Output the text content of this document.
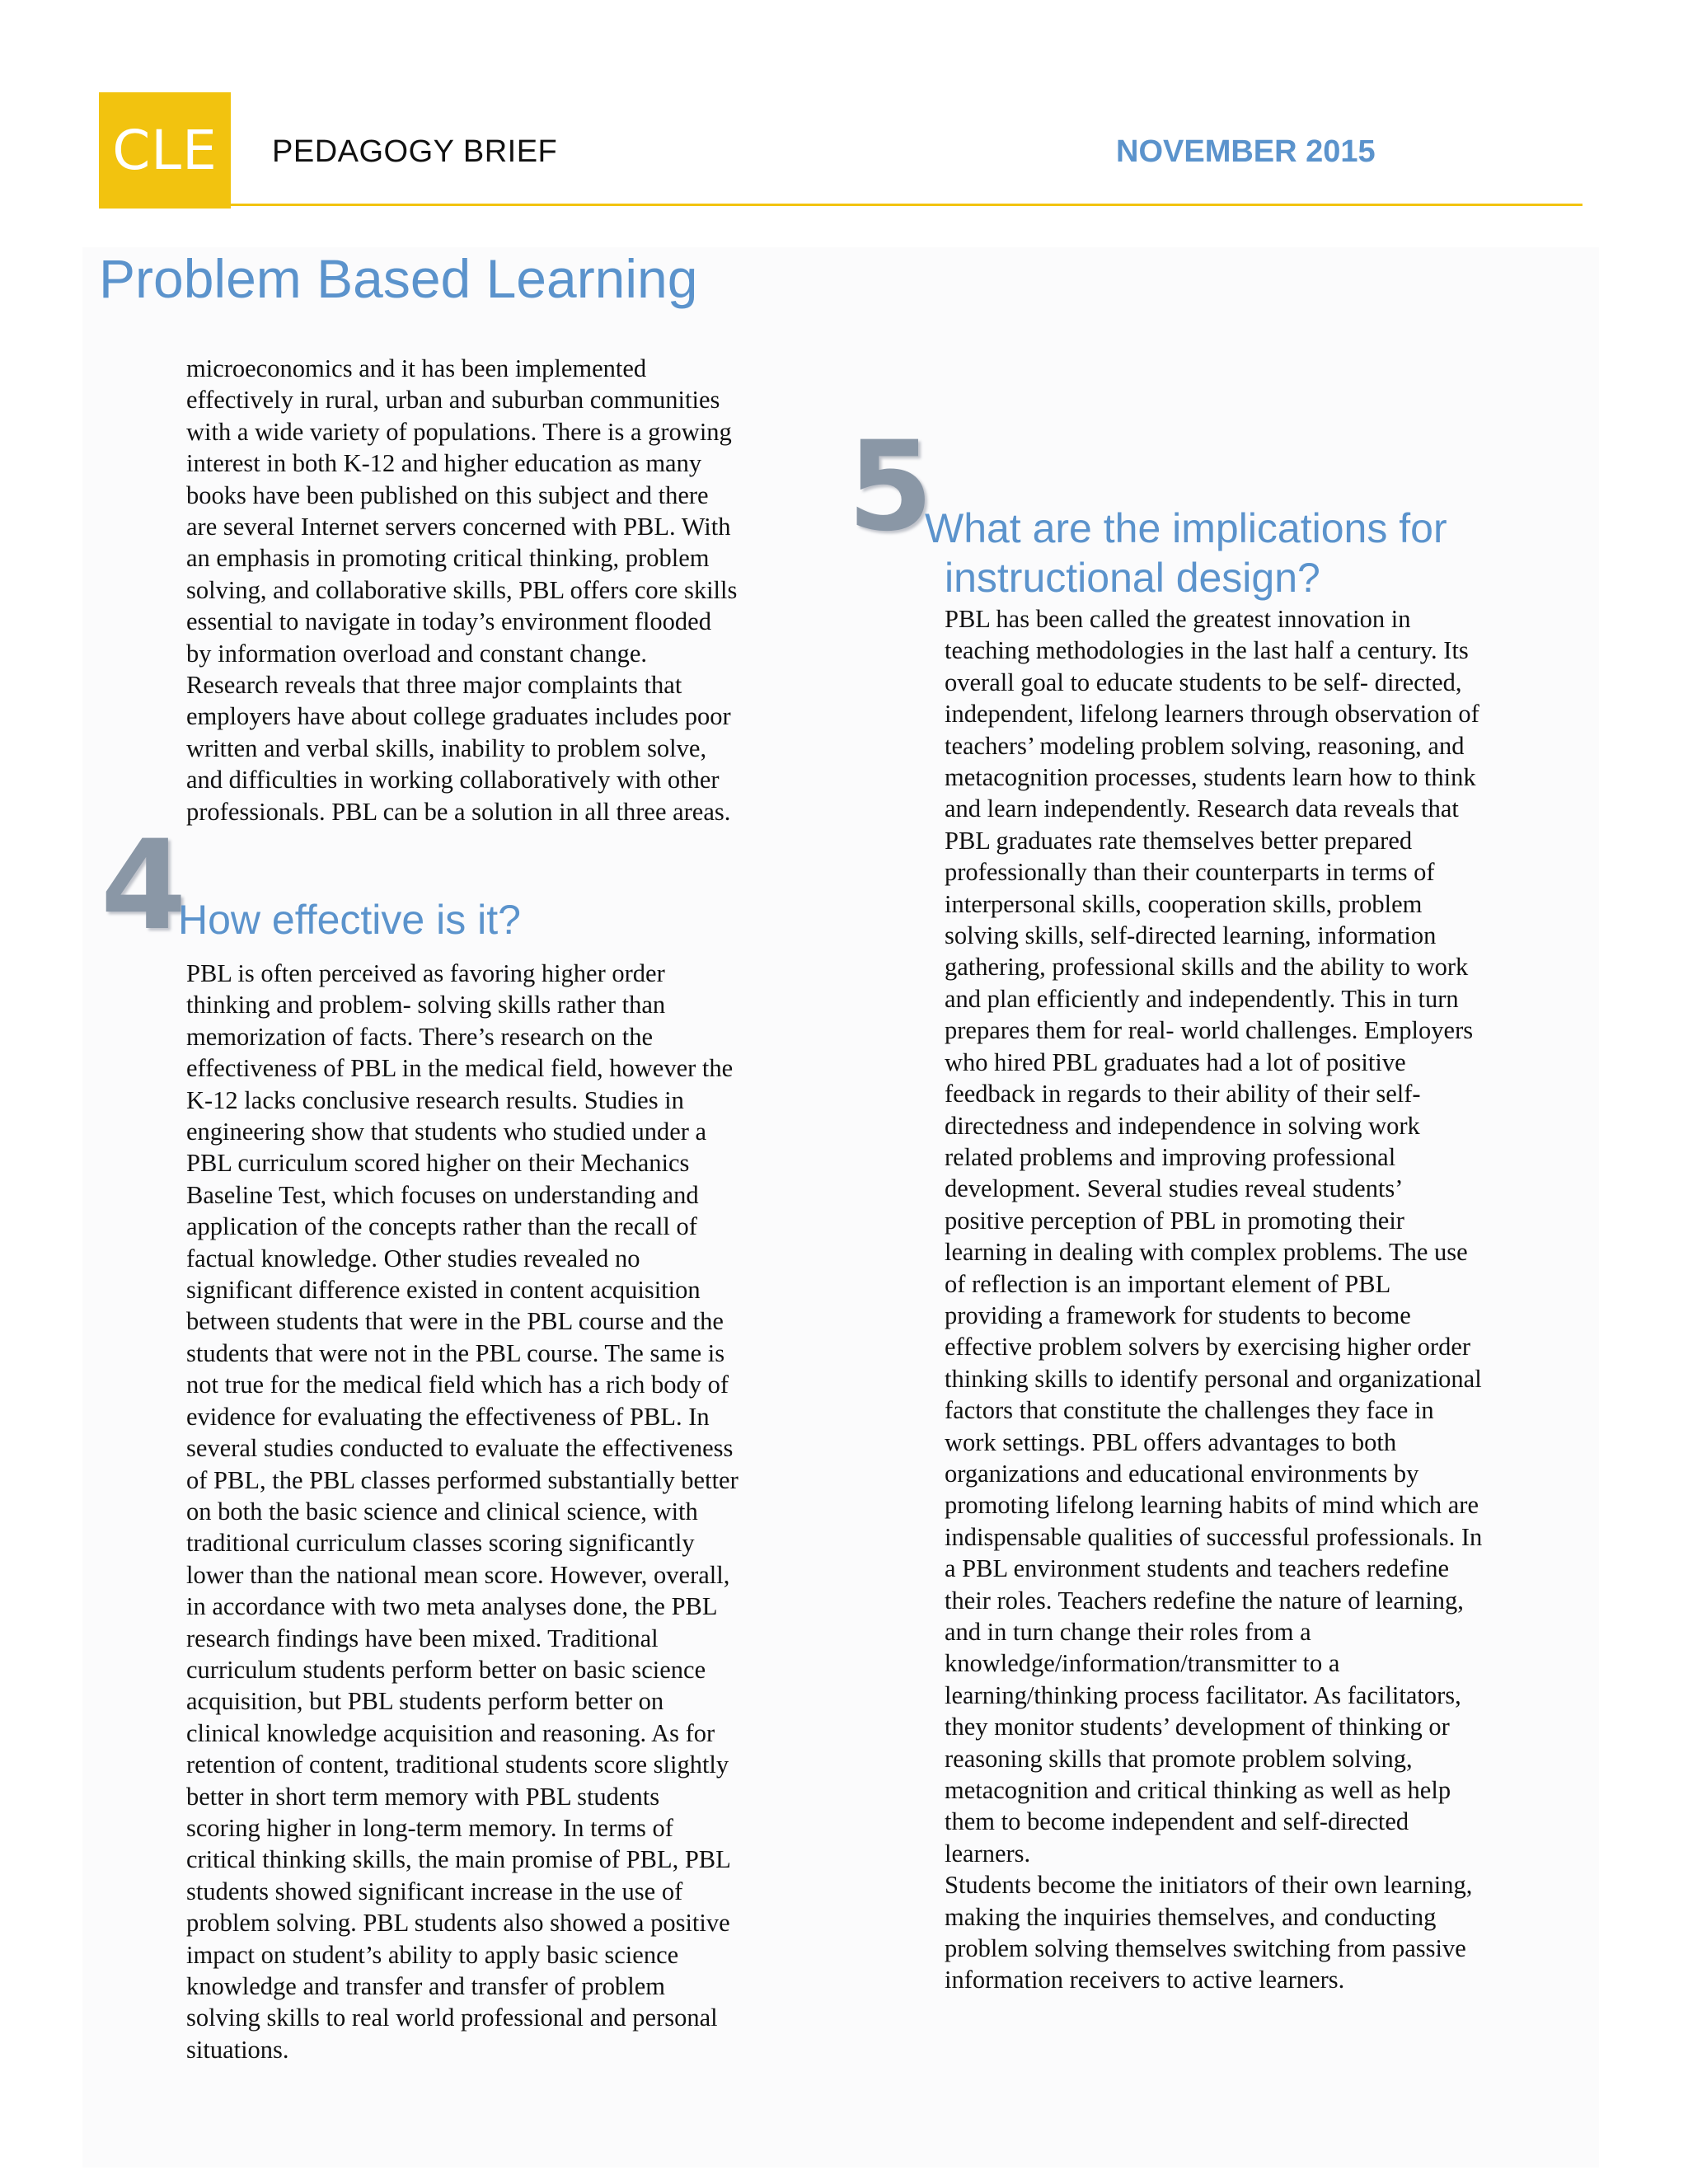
CLE	PEDAGOGY BRIEF	NOVEMBER 2015
Problem Based Learning

microeconomics and it has been implemented
effectively in rural, urban and suburban communities
with a wide variety of populations. There is a growing
interest in both K-12 and higher education as many
books have been published on this subject and there
are several Internet servers concerned with PBL. With
an emphasis in promoting critical thinking, problem
solving, and collaborative skills, PBL offers core skills
essential to navigate in today’s environment flooded
by information overload and constant change.
Research reveals that three major complaints that
employers have about college graduates includes poor
written and verbal skills, inability to problem solve,
and difficulties in working collaboratively with other
professionals. PBL can be a solution in all three areas.

4
How effective is it?

PBL is often perceived as favoring higher order
thinking and problem- solving skills rather than
memorization of facts. There’s research on the
effectiveness of PBL in the medical field, however the
K-12 lacks conclusive research results. Studies in
engineering show that students who studied under a
PBL curriculum scored higher on their Mechanics
Baseline Test, which focuses on understanding and
application of the concepts rather than the recall of
factual knowledge. Other studies revealed no
significant difference existed in content acquisition
between students that were in the PBL course and the
students that were not in the PBL course. The same is
not true for the medical field which has a rich body of
evidence for evaluating the effectiveness of PBL. In
several studies conducted to evaluate the effectiveness
of PBL, the PBL classes performed substantially better
on both the basic science and clinical science, with
traditional curriculum classes scoring significantly
lower than the national mean score. However, overall,
in accordance with two meta analyses done, the PBL
research findings have been mixed. Traditional
curriculum students perform better on basic science
acquisition, but PBL students perform better on
clinical knowledge acquisition and reasoning. As for
retention of content, traditional students score slightly
better in short term memory with PBL students
scoring higher in long-term memory. In terms of
critical thinking skills, the main promise of PBL, PBL
students showed significant increase in the use of
problem solving. PBL students also showed a positive
impact on student’s ability to apply basic science
knowledge and transfer and transfer of problem
solving skills to real world professional and personal
situations.

5
What are the implications for
instructional design?

PBL has been called the greatest innovation in
teaching methodologies in the last half a century. Its
overall goal to educate students to be self- directed,
independent, lifelong learners through observation of
teachers’ modeling problem solving, reasoning, and
metacognition processes, students learn how to think
and learn independently. Research data reveals that
PBL graduates rate themselves better prepared
professionally than their counterparts in terms of
interpersonal skills, cooperation skills, problem
solving skills, self-directed learning, information
gathering, professional skills and the ability to work
and plan efficiently and independently. This in turn
prepares them for real- world challenges. Employers
who hired PBL graduates had a lot of positive
feedback in regards to their ability of their self-
directedness and independence in solving work
related problems and improving professional
development. Several studies reveal students’
positive perception of PBL in promoting their
learning in dealing with complex problems. The use
of reflection is an important element of PBL
providing a framework for students to become
effective problem solvers by exercising higher order
thinking skills to identify personal and organizational
factors that constitute the challenges they face in
work settings. PBL offers advantages to both
organizations and educational environments by
promoting lifelong learning habits of mind which are
indispensable qualities of successful professionals. In
a PBL environment students and teachers redefine
their roles. Teachers redefine the nature of learning,
and in turn change their roles from a
knowledge/information/transmitter to a
learning/thinking process facilitator. As facilitators,
they monitor students’ development of thinking or
reasoning skills that promote problem solving,
metacognition and critical thinking as well as help
them to become independent and self-directed
learners.
Students become the initiators of their own learning,
making the inquiries themselves, and conducting
problem solving themselves switching from passive
information receivers to active learners.
